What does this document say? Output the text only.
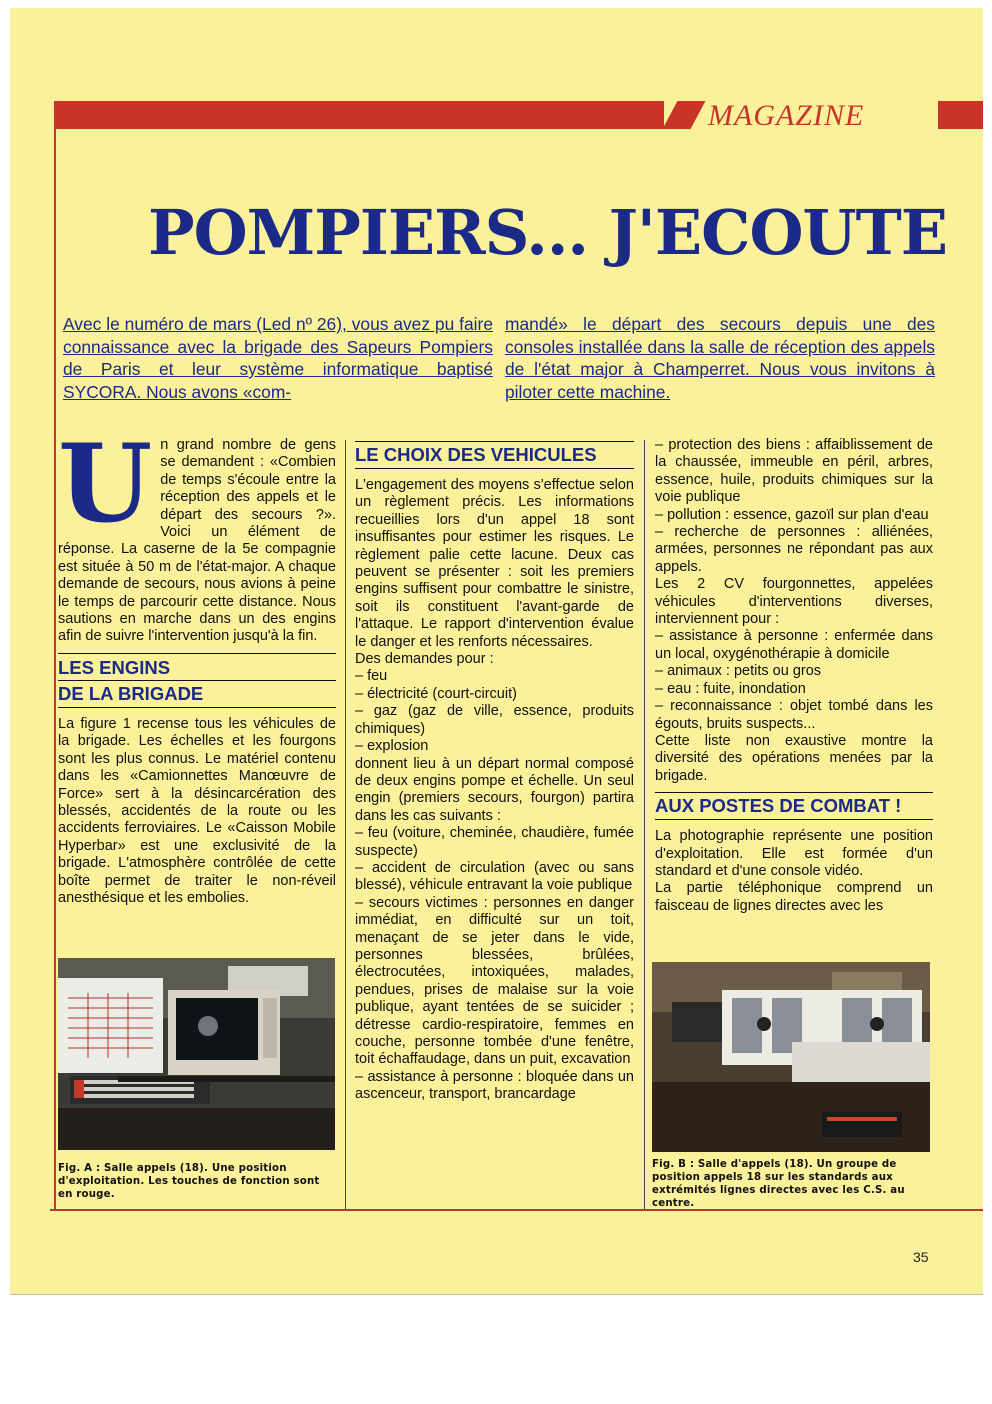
MAGAZINE
POMPIERS... J'ECOUTE
Avec le numéro de mars (Led nº 26), vous avez pu faire connaissance avec la brigade des Sapeurs Pompiers de Paris et leur système informatique baptisé SYCORA. Nous avons «com-
mandé» le départ des secours depuis une des consoles installée dans la salle de réception des appels de l'état major à Champerret. Nous vous invitons à piloter cette machine.
U n grand nombre de gens se demandent : «Combien de temps s'écoule entre la réception des appels et le départ des secours ?». Voici un élément de réponse. La caserne de la 5e compagnie est située à 50 m de l'état-major. A chaque demande de secours, nous avions à peine le temps de parcourir cette distance. Nous sautions en marche dans un des engins afin de suivre l'intervention jusqu'à la fin.

LES ENGINS
DE LA BRIGADE

La figure 1 recense tous les véhicules de la brigade. Les échelles et les fourgons sont les plus connus. Le matériel contenu dans les «Camionnettes Manœuvre de Force» sert à la désincarcération des blessés, accidentés de la route ou les accidents ferroviaires. Le «Caisson Mobile Hyperbar» est une exclusivité de la brigade. L'atmosphère contrôlée de cette boîte permet de traiter le non-réveil anesthésique et les embolies.

Fig. A : Salle appels (18). Une position d'exploitation. Les touches de fonction sont en rouge.
LE CHOIX DES VEHICULES

L'engagement des moyens s'effectue selon un règlement précis. Les informations recueillies lors d'un appel 18 sont insuffisantes pour estimer les risques. Le règlement palie cette lacune. Deux cas peuvent se présenter : soit les premiers engins suffisent pour combattre le sinistre, soit ils constituent l'avant-garde de l'attaque. Le rapport d'intervention évalue le danger et les renforts nécessaires.

Des demandes pour :

– feu

– électricité (court-circuit)

– gaz (gaz de ville, essence, produits chimiques)

– explosion

donnent lieu à un départ normal composé de deux engins pompe et échelle. Un seul engin (premiers secours, fourgon) partira dans les cas suivants :

– feu (voiture, cheminée, chaudière, fumée suspecte)

– accident de circulation (avec ou sans blessé), véhicule entravant la voie publique

– secours victimes : personnes en danger immédiat, en difficulté sur un toit, menaçant de se jeter dans le vide, personnes blessées, brûlées, électrocutées, intoxiquées, malades, pendues, prises de malaise sur la voie publique, ayant tentées de se suicider ; détresse cardio-respiratoire, femmes en couche, personne tombée d'une fenêtre, toit échaffaudage, dans un puit, excavation

– assistance à personne : bloquée dans un ascenceur, transport, brancardage

– protection des biens : affaiblissement de la chaussée, immeuble en péril, arbres, essence, huile, produits chimiques sur la voie publique

– pollution : essence, gazoïl sur plan d'eau

– recherche de personnes : alliénées, armées, personnes ne répondant pas aux appels.

Les 2 CV fourgonnettes, appelées véhicules d'interventions diverses, interviennent pour :

– assistance à personne : enfermée dans un local, oxygénothérapie à domicile

– animaux : petits ou gros

– eau : fuite, inondation

– reconnaissance : objet tombé dans les égouts, bruits suspects...

Cette liste non exaustive montre la diversité des opérations menées par la brigade.

AUX POSTES DE COMBAT !

La photographie représente une position d'exploitation. Elle est formée d'un standard et d'une console vidéo.

La partie téléphonique comprend un faisceau de lignes directes avec les

Fig. B : Salle d'appels (18). Un groupe de position appels 18 sur les standards aux extrémités lignes directes avec les C.S. au centre.
35
